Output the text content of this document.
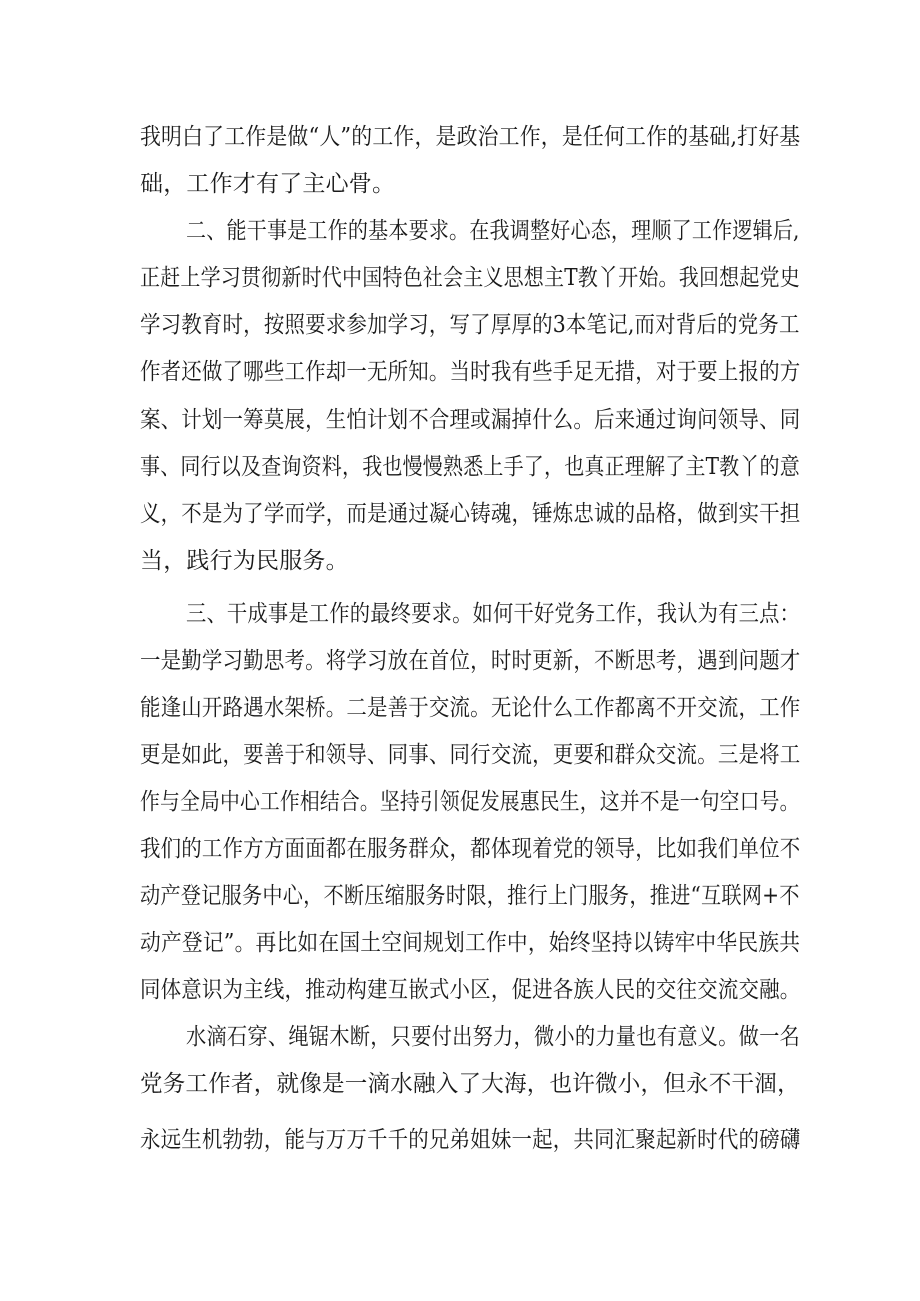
我明白了工作是做“人”的工作，是政治工作，是任何工作的基础,打好基
础，工作才有了主心骨。
二、能干事是工作的基本要求。在我调整好心态，理顺了工作逻辑后,
正赶上学习贯彻新时代中国特色社会主义思想主T教丫开始。我回想起党史
学习教育时，按照要求参加学习，写了厚厚的3本笔记,而对背后的党务工
作者还做了哪些工作却一无所知。当时我有些手足无措，对于要上报的方
案、计划一筹莫展，生怕计划不合理或漏掉什么。后来通过询问领导、同
事、同行以及查询资料，我也慢慢熟悉上手了，也真正理解了主T教丫的意
义，不是为了学而学，而是通过凝心铸魂，锤炼忠诚的品格，做到实干担
当，践行为民服务。
三、干成事是工作的最终要求。如何干好党务工作，我认为有三点：
一是勤学习勤思考。将学习放在首位，时时更新，不断思考，遇到问题才
能逢山开路遇水架桥。二是善于交流。无论什么工作都离不开交流，工作
更是如此，要善于和领导、同事、同行交流，更要和群众交流。三是将工
作与全局中心工作相结合。坚持引领促发展惠民生，这并不是一句空口号。
我们的工作方方面面都在服务群众，都体现着党的领导，比如我们单位不
动产登记服务中心，不断压缩服务时限，推行上门服务，推进“互联网+不
动产登记”。再比如在国土空间规划工作中，始终坚持以铸牢中华民族共
同体意识为主线，推动构建互嵌式小区，促进各族人民的交往交流交融。
水滴石穿、绳锯木断，只要付出努力，微小的力量也有意义。做一名
党务工作者，就像是一滴水融入了大海，也许微小，但永不干涸，
永远生机勃勃，能与万万千千的兄弟姐妹一起，共同汇聚起新时代的磅礴
